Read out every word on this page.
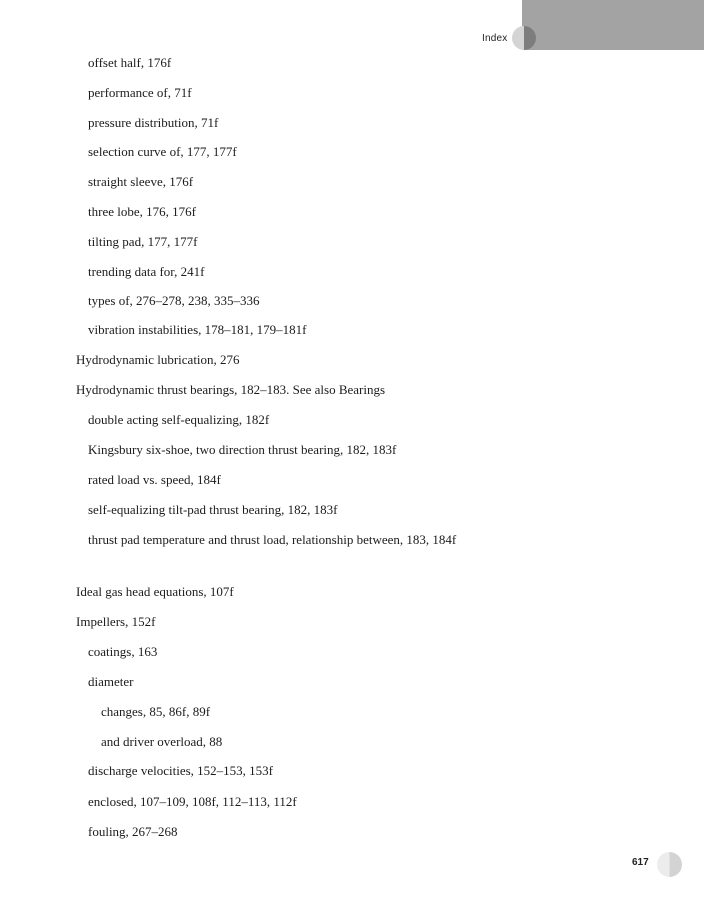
Index
offset half, 176f
performance of, 71f
pressure distribution, 71f
selection curve of, 177, 177f
straight sleeve, 176f
three lobe, 176, 176f
tilting pad, 177, 177f
trending data for, 241f
types of, 276–278, 238, 335–336
vibration instabilities, 178–181, 179–181f
Hydrodynamic lubrication, 276
Hydrodynamic thrust bearings, 182–183. See also Bearings
double acting self-equalizing, 182f
Kingsbury six-shoe, two direction thrust bearing, 182, 183f
rated load vs. speed, 184f
self-equalizing tilt-pad thrust bearing, 182, 183f
thrust pad temperature and thrust load, relationship between, 183, 184f
Ideal gas head equations, 107f
Impellers, 152f
coatings, 163
diameter
changes, 85, 86f, 89f
and driver overload, 88
discharge velocities, 152–153, 153f
enclosed, 107–109, 108f, 112–113, 112f
fouling, 267–268
617
